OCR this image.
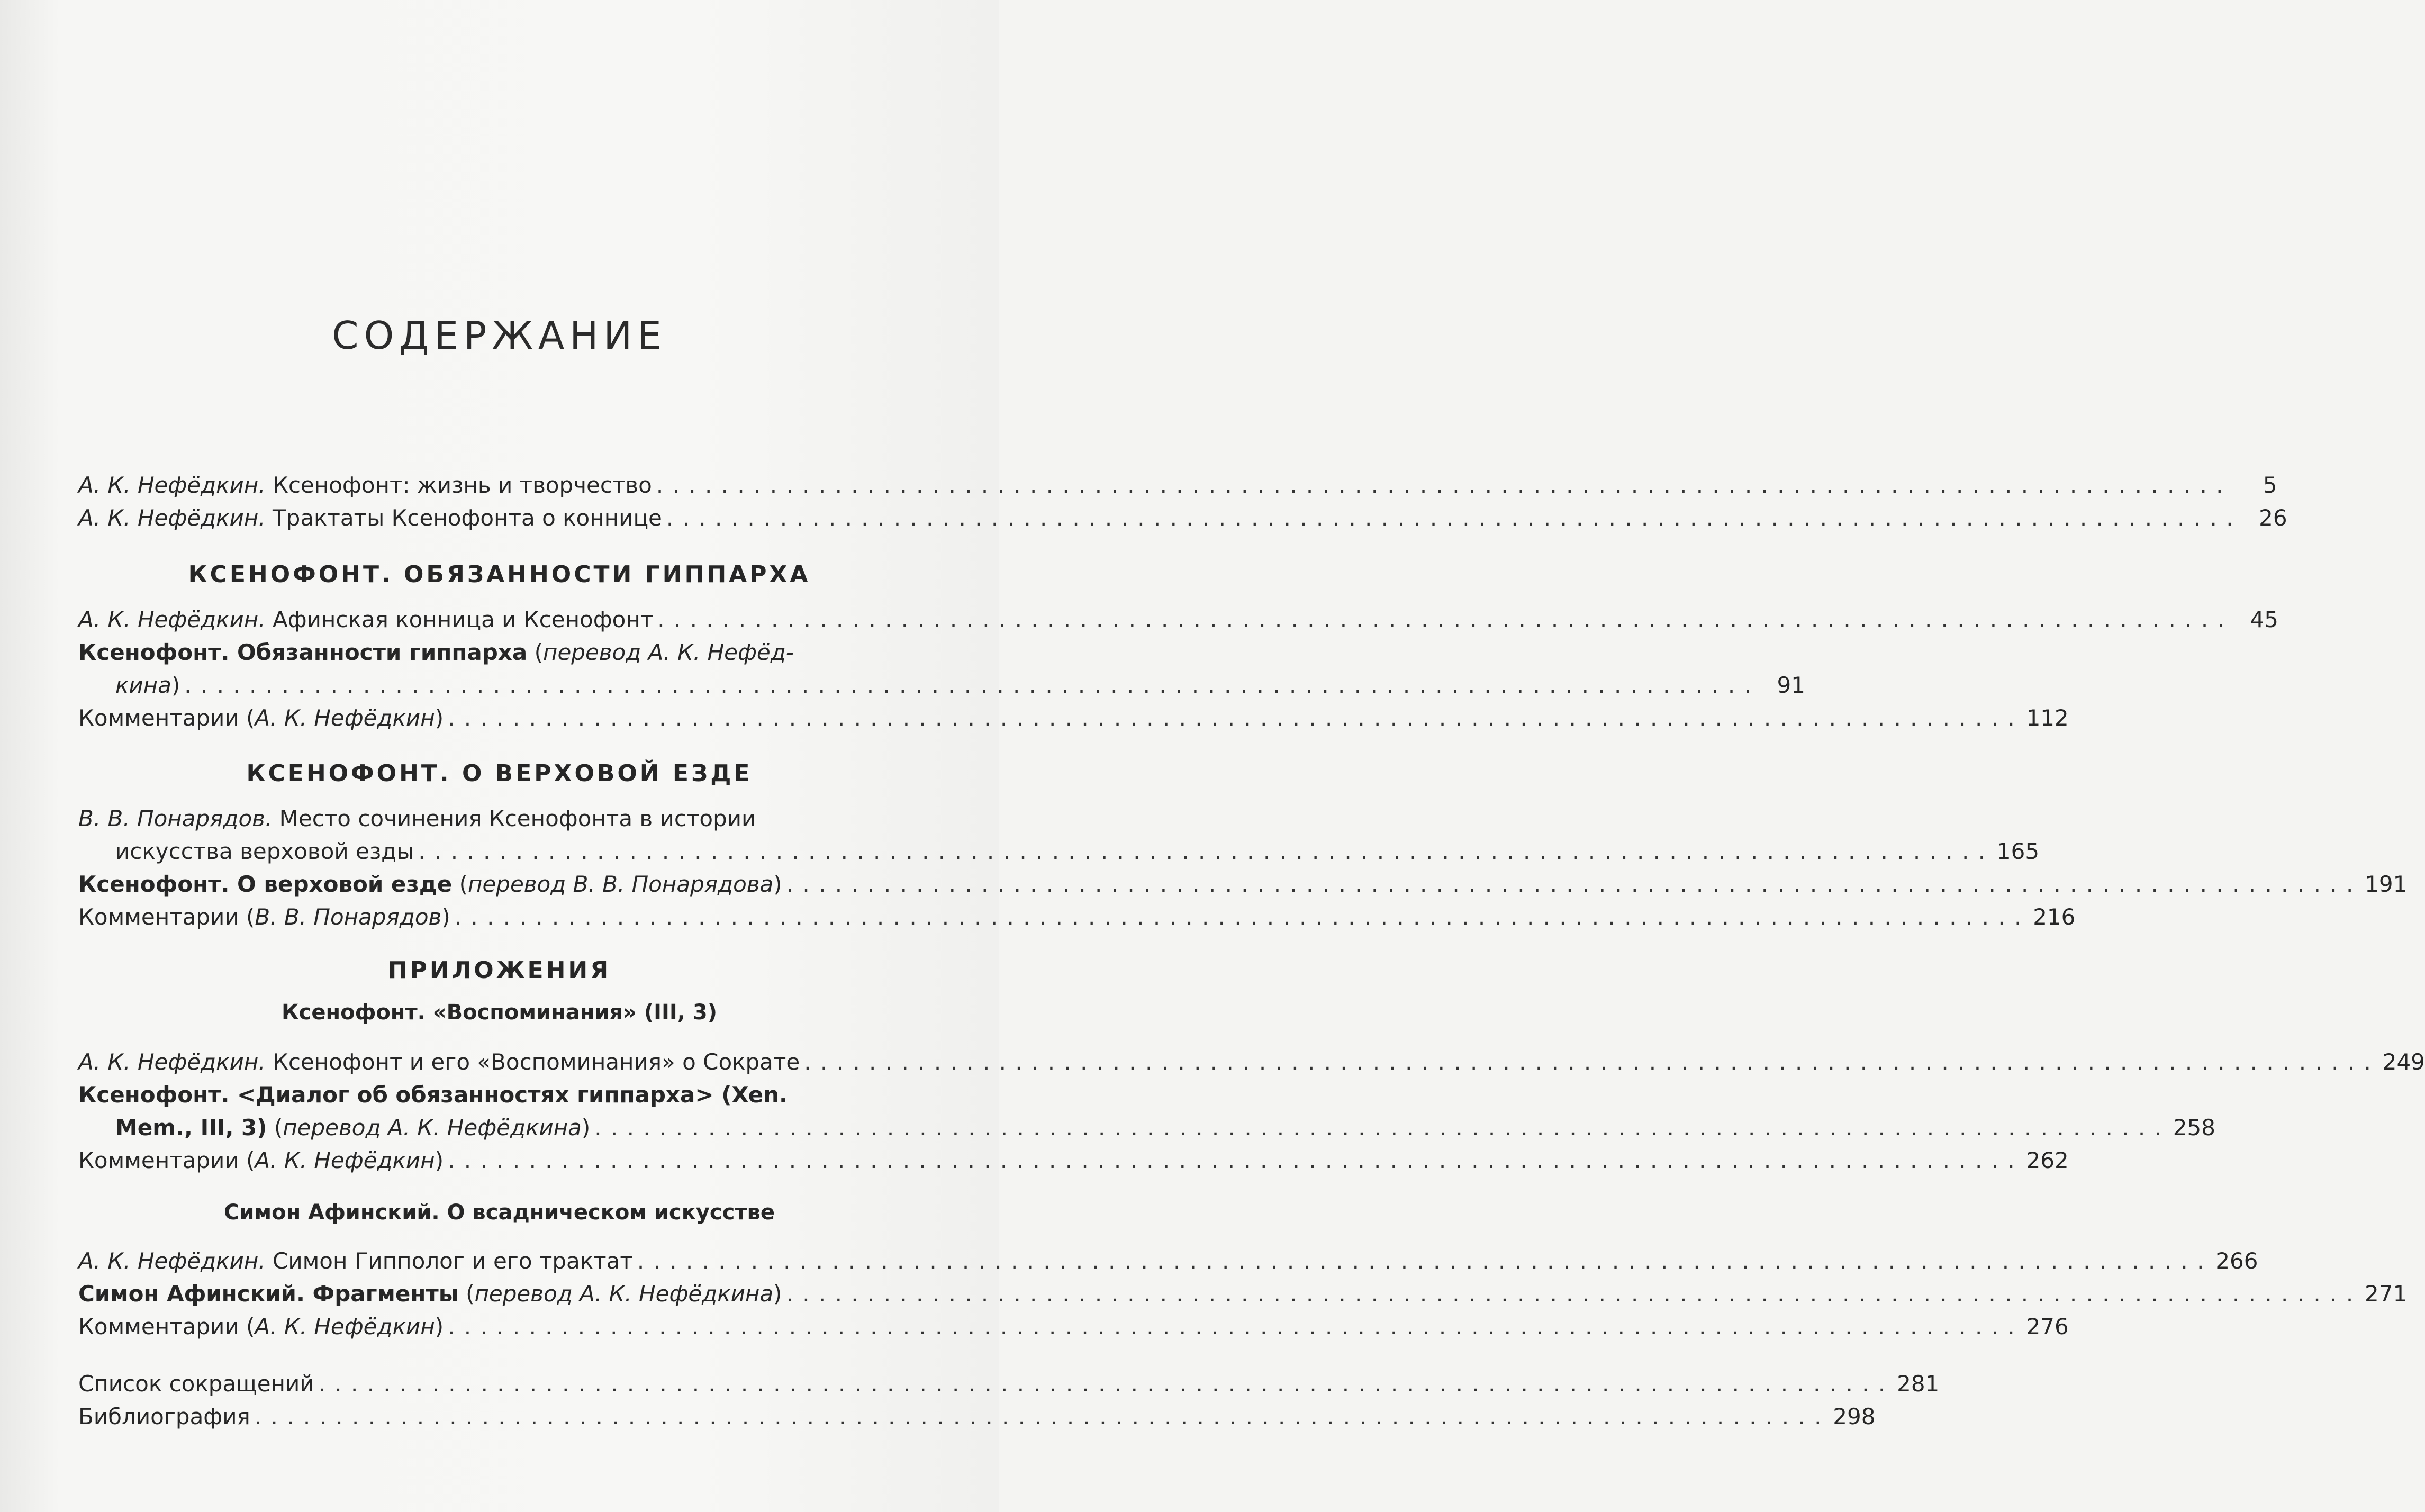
СОДЕРЖАНИЕ
А. К. Нефёдкин. Ксенофонт: жизнь и творчество . . . . . . . . . . . . . . . . . . . . . . . . . . . . . . . . . . . . . . . . . . . . . . . . . . . . . . . . . . . . . . . . . . . . . . . . . . . . . . . . . . . . . . . . . . . . . . . . .	5
А. К. Нефёдкин. Трактаты Ксенофонта о коннице . . . . . . . . . . . . . . . . . . . . . . . . . . . . . . . . . . . . . . . . . . . . . . . . . . . . . . . . . . . . . . . . . . . . . . . . . . . . . . . . . . . . . . . . . . . . . . . . .	26
КСЕНОФОНТ. ОБЯЗАННОСТИ ГИППАРХА
А. К. Нефёдкин. Афинская конница и Ксенофонт . . . . . . . . . . . . . . . . . . . . . . . . . . . . . . . . . . . . . . . . . . . . . . . . . . . . . . . . . . . . . . . . . . . . . . . . . . . . . . . . . . . . . . . . . . . . . . . . .	45
Ксенофонт. Обязанности гиппарха (перевод А. К. Нефёд-
кина) . . . . . . . . . . . . . . . . . . . . . . . . . . . . . . . . . . . . . . . . . . . . . . . . . . . . . . . . . . . . . . . . . . . . . . . . . . . . . . . . . . . . . . . . . . . . . . . . .	91
Комментарии (А. К. Нефёдкин) . . . . . . . . . . . . . . . . . . . . . . . . . . . . . . . . . . . . . . . . . . . . . . . . . . . . . . . . . . . . . . . . . . . . . . . . . . . . . . . . . . . . . . . . . . . . . . . . . 112
КСЕНОФОНТ. О ВЕРХОВОЙ ЕЗДЕ
В. В. Понарядов. Место сочинения Ксенофонта в истории
искусства верховой езды . . . . . . . . . . . . . . . . . . . . . . . . . . . . . . . . . . . . . . . . . . . . . . . . . . . . . . . . . . . . . . . . . . . . . . . . . . . . . . . . . . . . . . . . . . . . . . . . . 165
Ксенофонт. О верховой езде (перевод В. В. Понарядова) . . . . . . . . . . . . . . . . . . . . . . . . . . . . . . . . . . . . . . . . . . . . . . . . . . . . . . . . . . . . . . . . . . . . . . . . . . . . . . . . . . . . . . . . . . . . . . . . . 191
Комментарии (В. В. Понарядов) . . . . . . . . . . . . . . . . . . . . . . . . . . . . . . . . . . . . . . . . . . . . . . . . . . . . . . . . . . . . . . . . . . . . . . . . . . . . . . . . . . . . . . . . . . . . . . . . . 216
ПРИЛОЖЕНИЯ
Ксенофонт. «Воспоминания» (III, 3)
А. К. Нефёдкин. Ксенофонт и его «Воспоминания» о Сократе . . . . . . . . . . . . . . . . . . . . . . . . . . . . . . . . . . . . . . . . . . . . . . . . . . . . . . . . . . . . . . . . . . . . . . . . . . . . . . . . . . . . . . . . . . . . . . . . . 249
Ксенофонт. <Диалог об обязанностях гиппарха> (Xen.
Mem., III, 3) (перевод А. К. Нефёдкина) . . . . . . . . . . . . . . . . . . . . . . . . . . . . . . . . . . . . . . . . . . . . . . . . . . . . . . . . . . . . . . . . . . . . . . . . . . . . . . . . . . . . . . . . . . . . . . . . . 258
Комментарии (А. К. Нефёдкин) . . . . . . . . . . . . . . . . . . . . . . . . . . . . . . . . . . . . . . . . . . . . . . . . . . . . . . . . . . . . . . . . . . . . . . . . . . . . . . . . . . . . . . . . . . . . . . . . . 262
Симон Афинский. О всадническом искусстве
А. К. Нефёдкин. Симон Гипполог и его трактат . . . . . . . . . . . . . . . . . . . . . . . . . . . . . . . . . . . . . . . . . . . . . . . . . . . . . . . . . . . . . . . . . . . . . . . . . . . . . . . . . . . . . . . . . . . . . . . . . 266
Симон Афинский. Фрагменты (перевод А. К. Нефёдкина) . . . . . . . . . . . . . . . . . . . . . . . . . . . . . . . . . . . . . . . . . . . . . . . . . . . . . . . . . . . . . . . . . . . . . . . . . . . . . . . . . . . . . . . . . . . . . . . . . 271
Комментарии (А. К. Нефёдкин) . . . . . . . . . . . . . . . . . . . . . . . . . . . . . . . . . . . . . . . . . . . . . . . . . . . . . . . . . . . . . . . . . . . . . . . . . . . . . . . . . . . . . . . . . . . . . . . . . 276
Список сокращений . . . . . . . . . . . . . . . . . . . . . . . . . . . . . . . . . . . . . . . . . . . . . . . . . . . . . . . . . . . . . . . . . . . . . . . . . . . . . . . . . . . . . . . . . . . . . . . . . 281
Библиография . . . . . . . . . . . . . . . . . . . . . . . . . . . . . . . . . . . . . . . . . . . . . . . . . . . . . . . . . . . . . . . . . . . . . . . . . . . . . . . . . . . . . . . . . . . . . . . . . 298
